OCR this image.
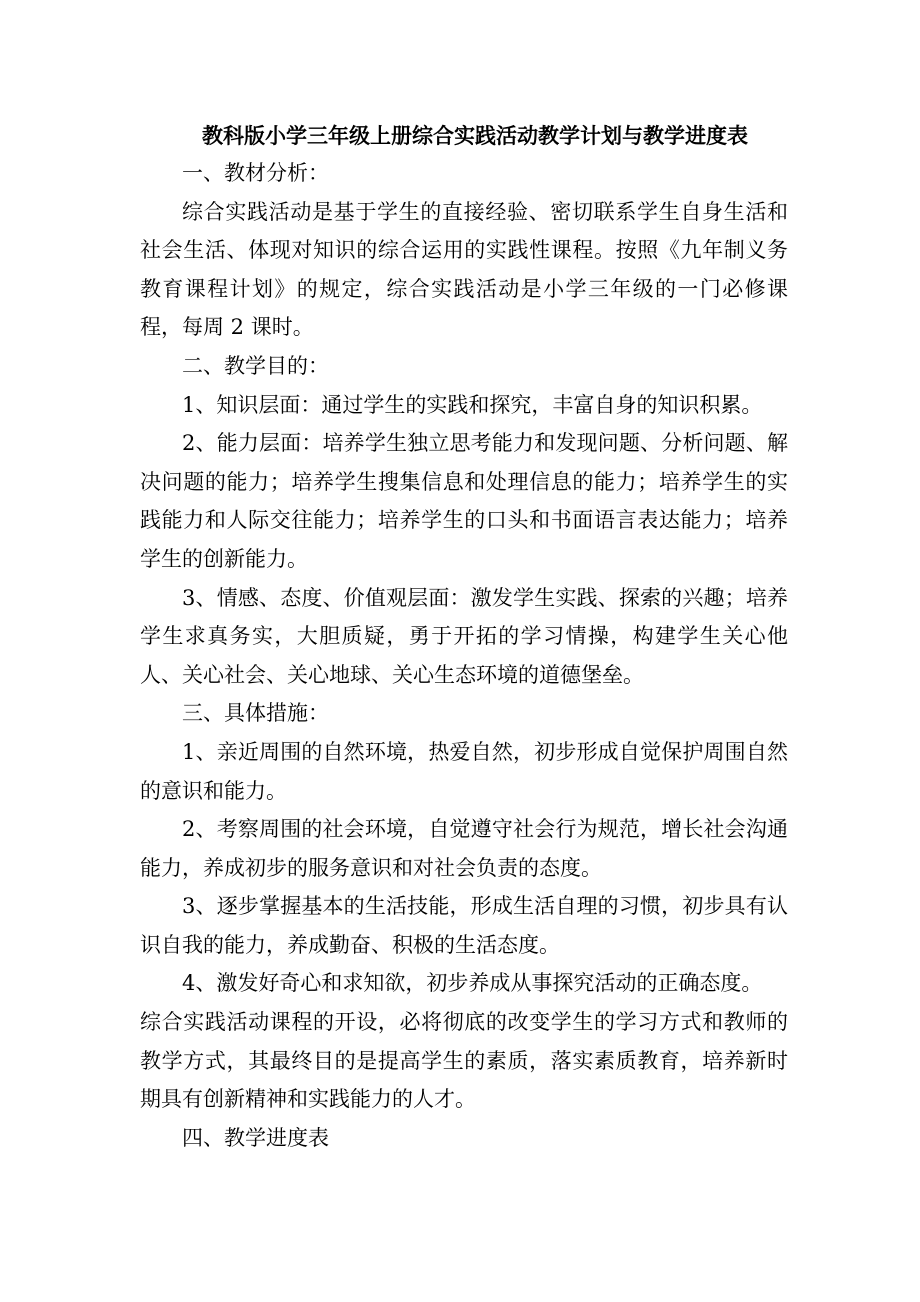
教科版小学三年级上册综合实践活动教学计划与教学进度表

一、教材分析：

综合实践活动是基于学生的直接经验、密切联系学生自身生活和社会生活、体现对知识的综合运用的实践性课程。按照《九年制义务教育课程计划》的规定，综合实践活动是小学三年级的一门必修课程，每周 2 课时。

二、教学目的：

1、知识层面：通过学生的实践和探究，丰富自身的知识积累。

2、能力层面：培养学生独立思考能力和发现问题、分析问题、解决问题的能力；培养学生搜集信息和处理信息的能力；培养学生的实践能力和人际交往能力；培养学生的口头和书面语言表达能力；培养学生的创新能力。

3、情感、态度、价值观层面：激发学生实践、探索的兴趣；培养学生求真务实，大胆质疑，勇于开拓的学习情操，构建学生关心他人、关心社会、关心地球、关心生态环境的道德堡垒。

三、具体措施：

1、亲近周围的自然环境，热爱自然，初步形成自觉保护周围自然的意识和能力。

2、考察周围的社会环境，自觉遵守社会行为规范，增长社会沟通能力，养成初步的服务意识和对社会负责的态度。

3、逐步掌握基本的生活技能，形成生活自理的习惯，初步具有认识自我的能力，养成勤奋、积极的生活态度。

4、激发好奇心和求知欲，初步养成从事探究活动的正确态度。

综合实践活动课程的开设，必将彻底的改变学生的学习方式和教师的教学方式，其最终目的是提高学生的素质，落实素质教育，培养新时期具有创新精神和实践能力的人才。

四、教学进度表
